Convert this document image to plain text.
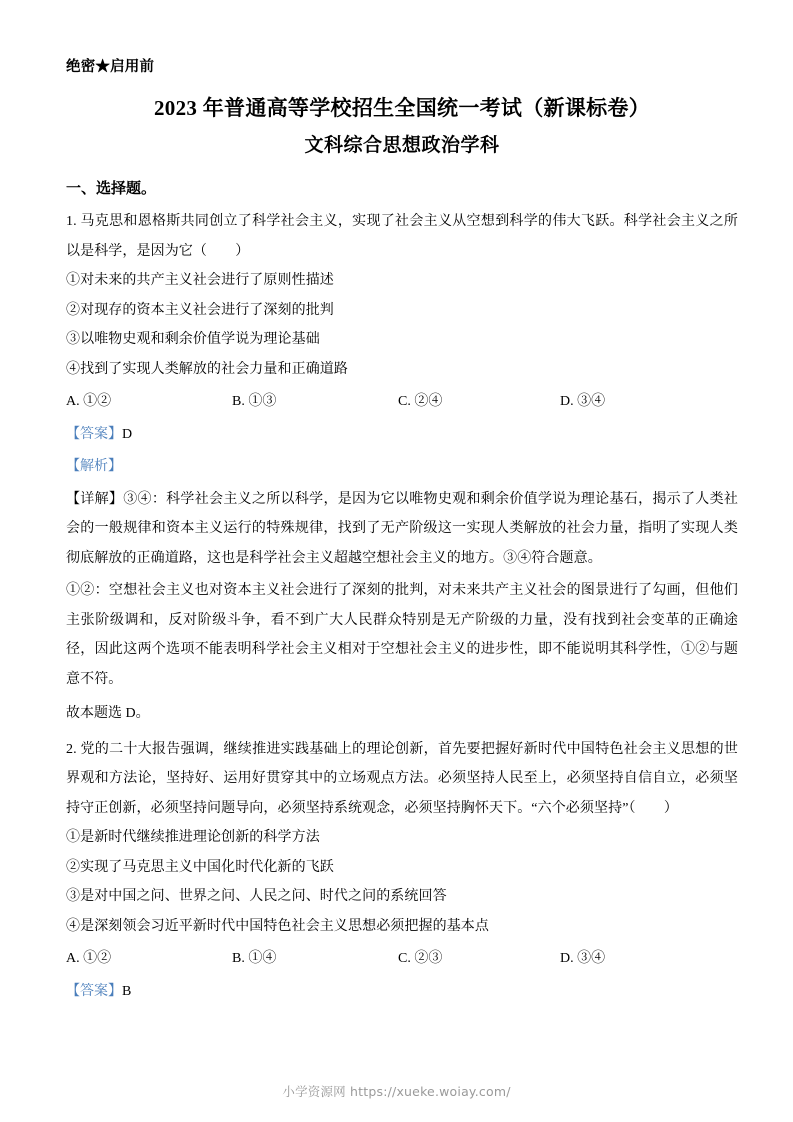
绝密★启用前
2023 年普通高等学校招生全国统一考试（新课标卷）
文科综合思想政治学科
一、选择题。

1. 马克思和恩格斯共同创立了科学社会主义，实现了社会主义从空想到科学的伟大飞跃。科学社会主义之所以是科学，是因为它（　　）

①对未来的共产主义社会进行了原则性描述

②对现存的资本主义社会进行了深刻的批判

③以唯物史观和剩余价值学说为理论基础

④找到了实现人类解放的社会力量和正确道路

A. ①②	B. ①③	C. ②④	D. ③④

【答案】D

【解析】

【详解】③④：科学社会主义之所以科学，是因为它以唯物史观和剩余价值学说为理论基石，揭示了人类社会的一般规律和资本主义运行的特殊规律，找到了无产阶级这一实现人类解放的社会力量，指明了实现人类彻底解放的正确道路，这也是科学社会主义超越空想社会主义的地方。③④符合题意。

①②：空想社会主义也对资本主义社会进行了深刻的批判，对未来共产主义社会的图景进行了勾画，但他们主张阶级调和，反对阶级斗争，看不到广大人民群众特别是无产阶级的力量，没有找到社会变革的正确途径，因此这两个选项不能表明科学社会主义相对于空想社会主义的进步性，即不能说明其科学性，①②与题意不符。

故本题选 D。

2. 党的二十大报告强调，继续推进实践基础上的理论创新，首先要把握好新时代中国特色社会主义思想的世界观和方法论，坚持好、运用好贯穿其中的立场观点方法。必须坚持人民至上，必须坚持自信自立，必须坚持守正创新，必须坚持问题导向，必须坚持系统观念，必须坚持胸怀天下。“六个必须坚持”（　　）

①是新时代继续推进理论创新的科学方法

②实现了马克思主义中国化时代化新的飞跃

③是对中国之问、世界之问、人民之问、时代之问的系统回答

④是深刻领会习近平新时代中国特色社会主义思想必须把握的基本点

A. ①②	B. ①④	C. ②③	D. ③④

【答案】B

小学资源网 https://xueke.woiay.com/
